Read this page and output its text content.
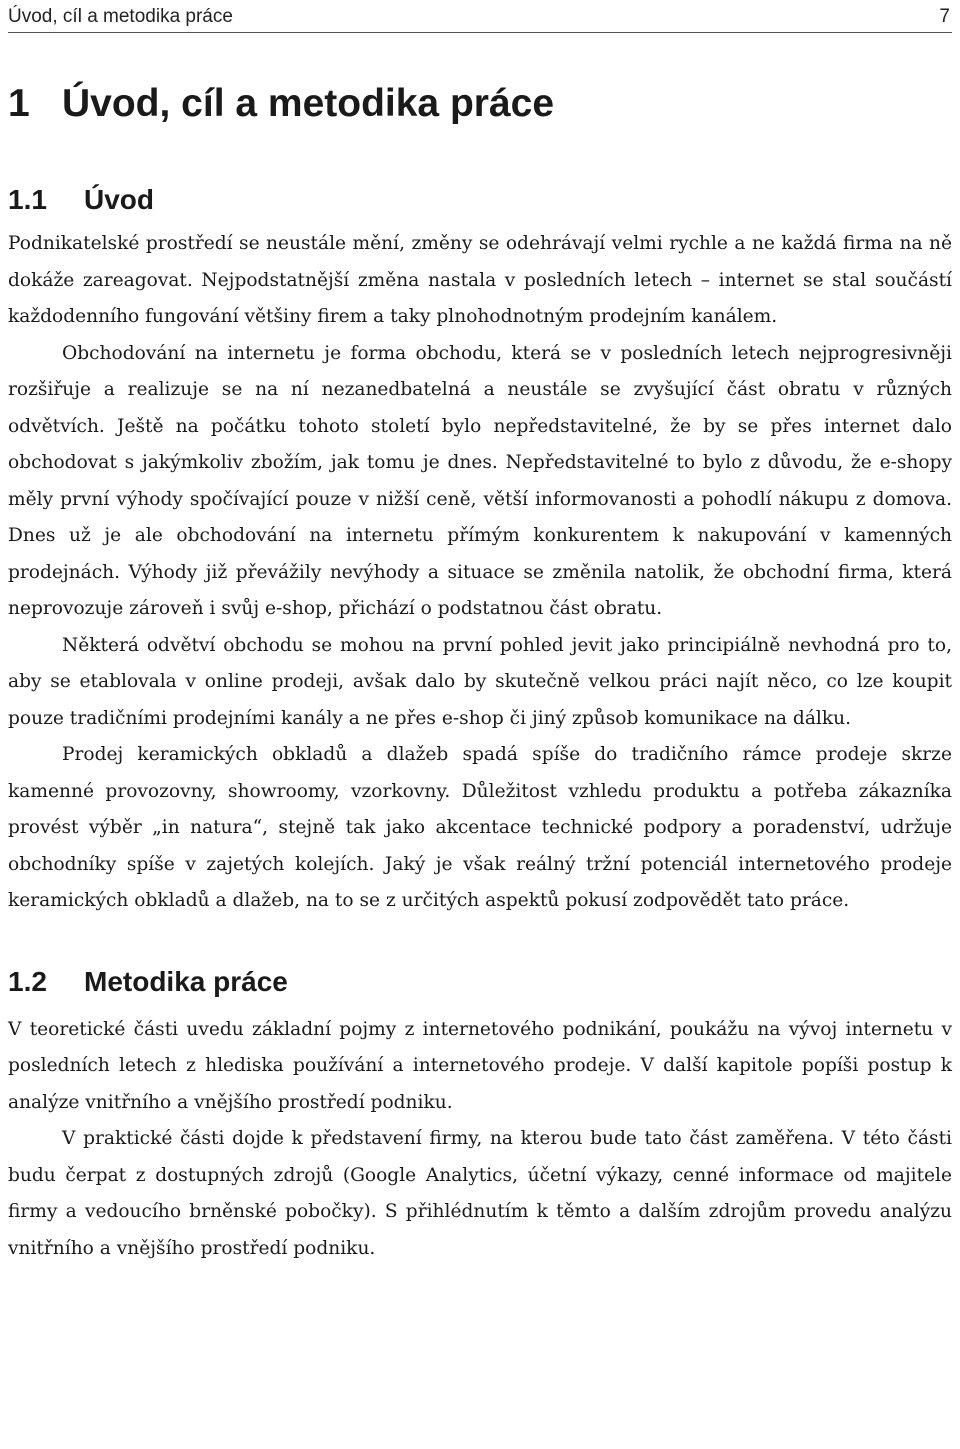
Úvod, cíl a metodika práce	7
1 Úvod, cíl a metodika práce
1.1 Úvod

Podnikatelské prostředí se neustále mění, změny se odehrávají velmi rychle a ne každá firma na ně dokáže zareagovat. Nejpodstatnější změna nastala v posledních letech – internet se stal součástí každodenního fungování většiny firem a taky plnohodnotným prodejním kanálem.

Obchodování na internetu je forma obchodu, která se v posledních letech nejprogresivněji rozšiřuje a realizuje se na ní nezanedbatelná a neustále se zvyšující část obratu v různých odvětvích. Ještě na počátku tohoto století bylo nepředstavitelné, že by se přes internet dalo obchodovat s jakýmkoliv zbožím, jak tomu je dnes. Nepředstavitelné to bylo z důvodu, že e-shopy měly první výhody spočívající pouze v nižší ceně, větší informovanosti a pohodlí nákupu z domova. Dnes už je ale obchodování na internetu přímým konkurentem k nakupování v kamenných prodejnách. Výhody již převážily nevýhody a situace se změnila natolik, že obchodní firma, která neprovozuje zároveň i svůj e-shop, přichází o podstatnou část obratu.

Některá odvětví obchodu se mohou na první pohled jevit jako principiálně nevhodná pro to, aby se etablovala v online prodeji, avšak dalo by skutečně velkou práci najít něco, co lze koupit pouze tradičními prodejními kanály a ne přes e-shop či jiný způsob komunikace na dálku.

Prodej keramických obkladů a dlažeb spadá spíše do tradičního rámce prodeje skrze kamenné provozovny, showroomy, vzorkovny. Důležitost vzhledu produktu a potřeba zákazníka provést výběr „in natura“, stejně tak jako akcentace technické podpory a poradenství, udržuje obchodníky spíše v zajetých kolejích. Jaký je však reálný tržní potenciál internetového prodeje keramických obkladů a dlažeb, na to se z určitých aspektů pokusí zodpovědět tato práce.

1.2 Metodika práce

V teoretické části uvedu základní pojmy z internetového podnikání, poukážu na vývoj internetu v posledních letech z hlediska používání a internetového prodeje. V další kapitole popíši postup k analýze vnitřního a vnějšího prostředí podniku.

V praktické části dojde k představení firmy, na kterou bude tato část zaměřena. V této části budu čerpat z dostupných zdrojů (Google Analytics, účetní výkazy, cenné informace od majitele firmy a vedoucího brněnské pobočky). S přihlédnutím k těmto a dalším zdrojům provedu analýzu vnitřního a vnějšího prostředí podniku.
